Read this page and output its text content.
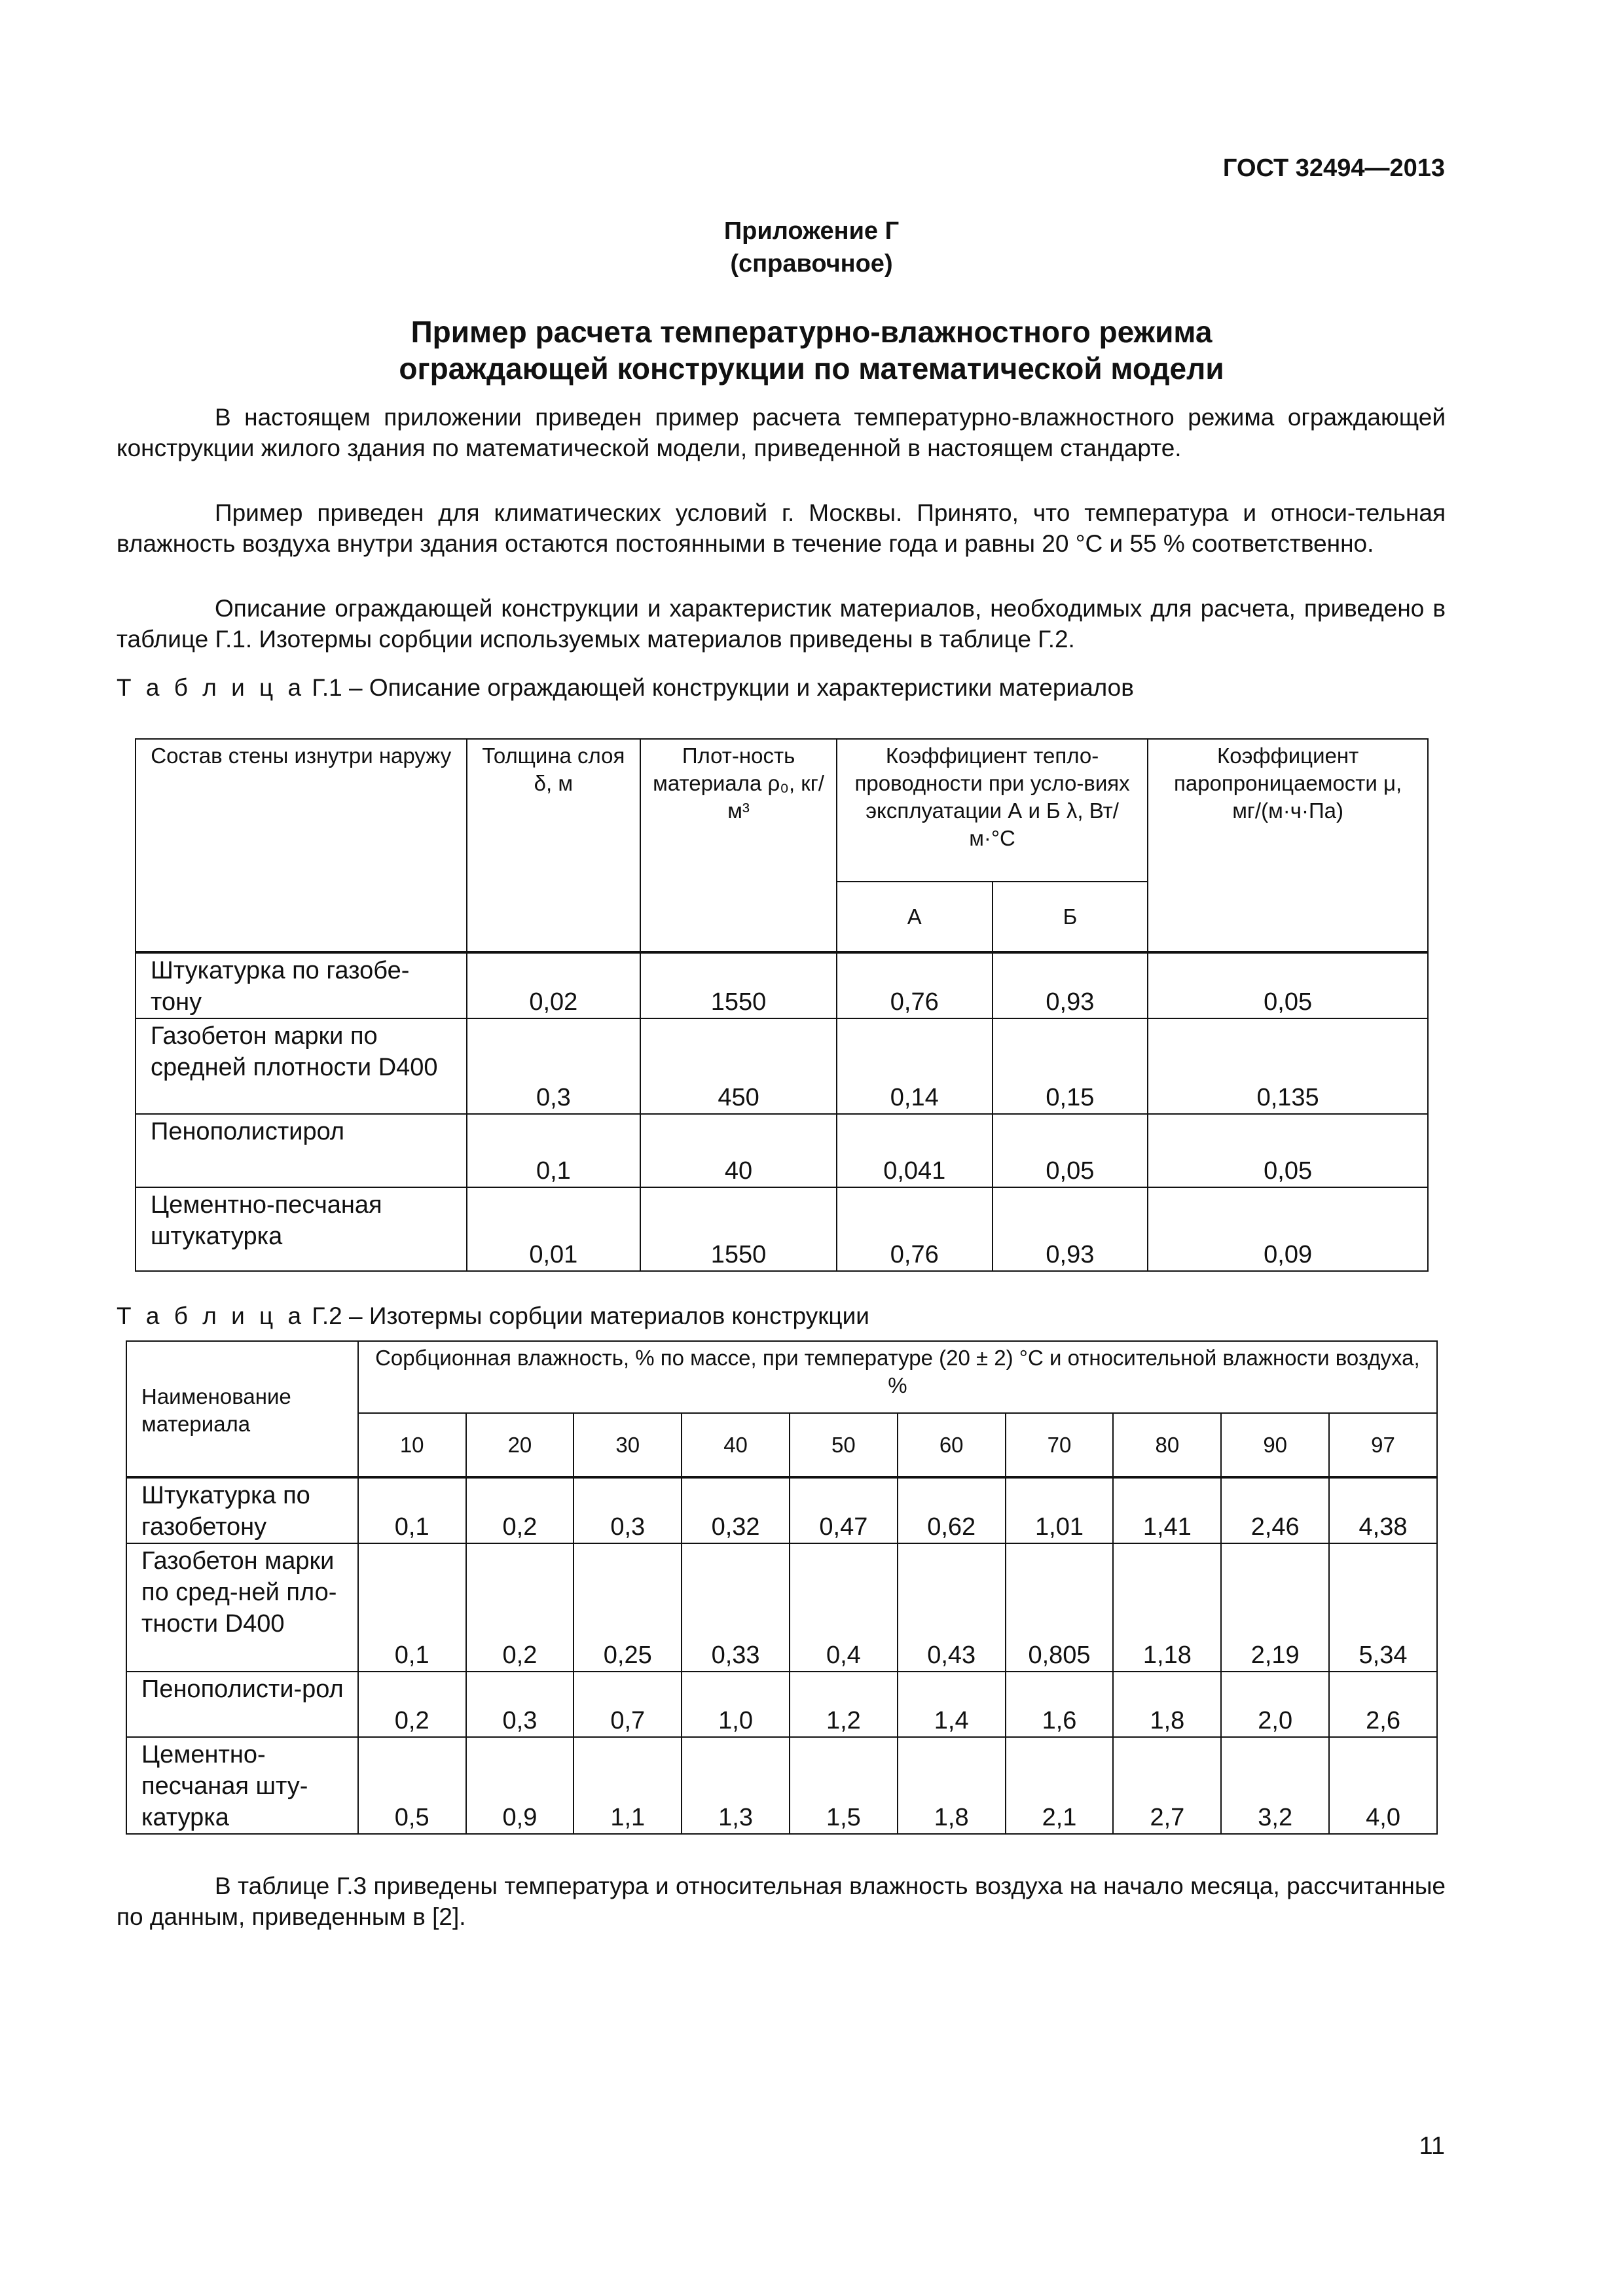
ГОСТ 32494—2013
Приложение Г
(справочное)
Пример расчета температурно-влажностного режима
ограждающей конструкции по математической модели

В настоящем приложении приведен пример расчета температурно-влажностного режима ограждающей конструкции жилого здания по математической модели, приведенной в настоящем стандарте.

Пример приведен для климатических условий г. Москвы. Принято, что температура и относи-тельная влажность воздуха внутри здания остаются постоянными в течение года и равны 20 °С и 55 % соответственно.

Описание ограждающей конструкции и характеристик материалов, необходимых для расчета, приведено в таблице Г.1. Изотермы сорбции используемых материалов приведены в таблице Г.2.

Т а б л и ц а Г.1 – Описание ограждающей конструкции и характеристики материалов
Состав стены изнутри наружу	Толщина слоя δ, м	Плот-ность материала ρ₀, кг/м³	Коэффициент тепло-проводности при усло-виях эксплуатации А и Б λ, Вт/м·°С		Коэффициент паропроницаемости μ, мг/(м·ч·Па)
			А	Б	
Штукатурка по газобе-тону	0,02	1550	0,76	0,93	0,05
Газобетон марки по средней плотности D400	0,3	450	0,14	0,15	0,135
Пенополистирол	0,1	40	0,041	0,05	0,05
Цементно-песчаная штукатурка	0,01	1550	0,76	0,93	0,09
Т а б л и ц а Г.2 – Изотермы сорбции материалов конструкции
Наименование материала	Сорбционная влажность, % по массе, при температуре (20 ± 2) °С и относительной влажности воздуха, %									
	10	20	30	40	50	60	70	80	90	97
Штукатурка по газобетону	0,1	0,2	0,3	0,32	0,47	0,62	1,01	1,41	2,46	4,38
Газобетон марки по сред-ней пло-тности D400	0,1	0,2	0,25	0,33	0,4	0,43	0,805	1,18	2,19	5,34
Пенополисти-рол	0,2	0,3	0,7	1,0	1,2	1,4	1,6	1,8	2,0	2,6
Цементно-песчаная шту-катурка	0,5	0,9	1,1	1,3	1,5	1,8	2,1	2,7	3,2	4,0

В таблице Г.3 приведены температура и относительная влажность воздуха на начало месяца, рассчитанные по данным, приведенным в [2].

11
